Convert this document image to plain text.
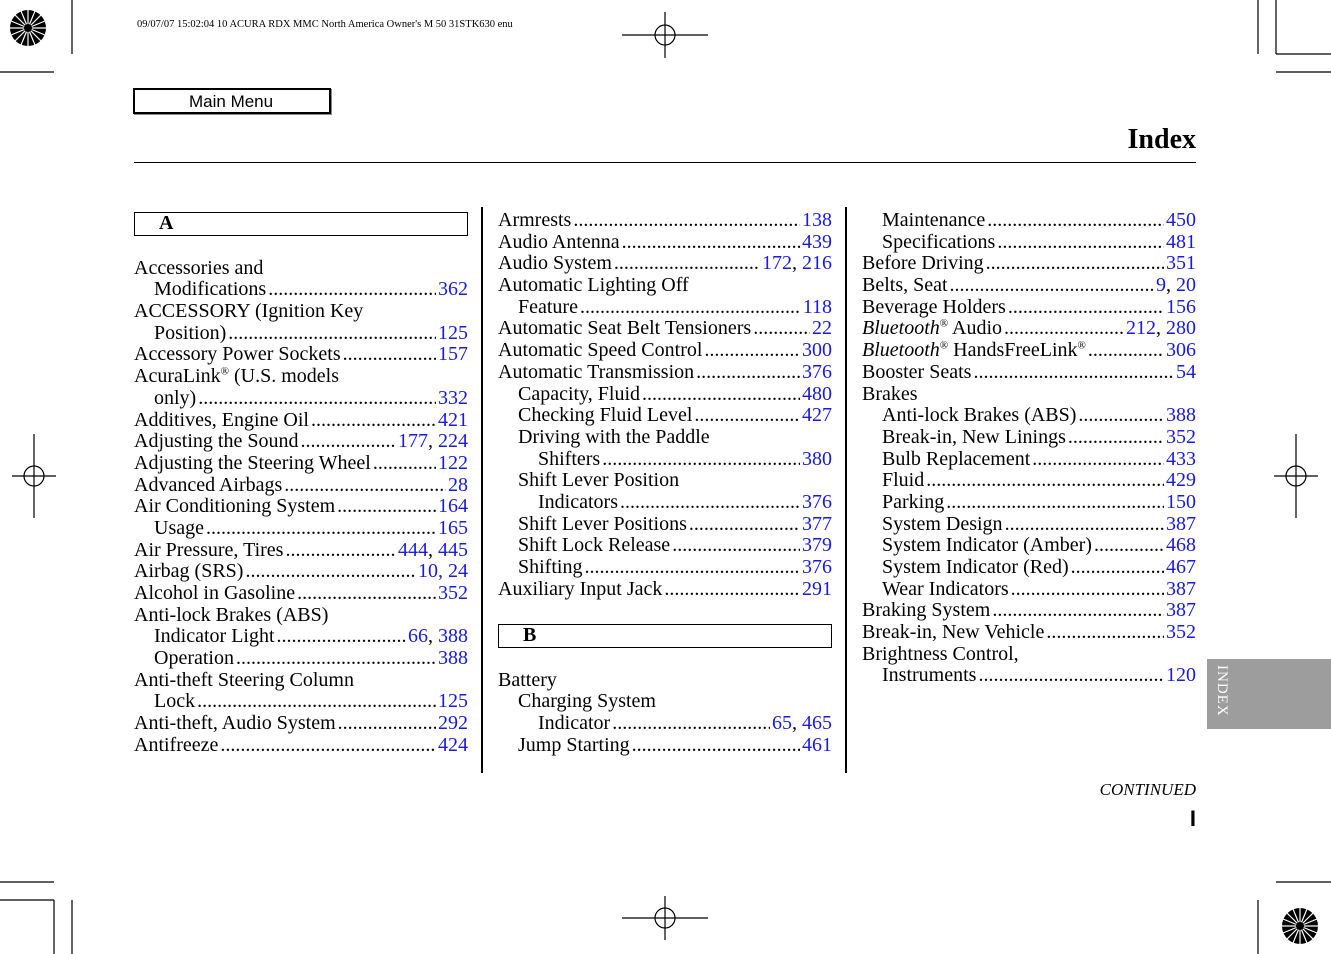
09/07/07 15:02:04 10 ACURA RDX MMC North America Owner's M 50 31STK630 enu
Main Menu
Index
A
Accessories and
Modifications .....	362
ACCESSORY (Ignition Key
Position) .....	125
Accessory Power Sockets .....	157
AcuraLink® (U.S. models
only) .....	332
Additives, Engine Oil .....	421
Adjusting the Sound .....	177, 224
Adjusting the Steering Wheel .....	122
Advanced Airbags .....	28
Air Conditioning System .....	164
Usage .....	165
Air Pressure, Tires .....	444, 445
Airbag (SRS) .....	10, 24
Alcohol in Gasoline .....	352
Anti-lock Brakes (ABS)
Indicator Light .....	66, 388
Operation .....	388
Anti-theft Steering Column
Lock .....	125
Anti-theft, Audio System .....	292
Antifreeze .....	424
Armrests .....	138
Audio Antenna .....	439
Audio System .....	172, 216
Automatic Lighting Off
Feature .....	118
Automatic Seat Belt Tensioners .....	22
Automatic Speed Control .....	300
Automatic Transmission .....	376
Capacity, Fluid .....	480
Checking Fluid Level .....	427
Driving with the Paddle
Shifters .....	380
Shift Lever Position
Indicators .....	376
Shift Lever Positions .....	377
Shift Lock Release .....	379
Shifting .....	376
Auxiliary Input Jack .....	291
B
Battery
Charging System
Indicator .....	65, 465
Jump Starting .....	461
Maintenance .....	450
Specifications .....	481
Before Driving .....	351
Belts, Seat .....	9, 20
Beverage Holders .....	156
Bluetooth® Audio .....	212, 280
Bluetooth® HandsFreeLink® .....	306
Booster Seats .....	54
Brakes
Anti-lock Brakes (ABS) .....	388
Break-in, New Linings .....	352
Bulb Replacement .....	433
Fluid .....	429
Parking .....	150
System Design .....	387
System Indicator (Amber) .....	468
System Indicator (Red) .....	467
Wear Indicators .....	387
Braking System .....	387
Break-in, New Vehicle .....	352
Brightness Control,
Instruments .....	120 INDEX
CONTINUED
I
